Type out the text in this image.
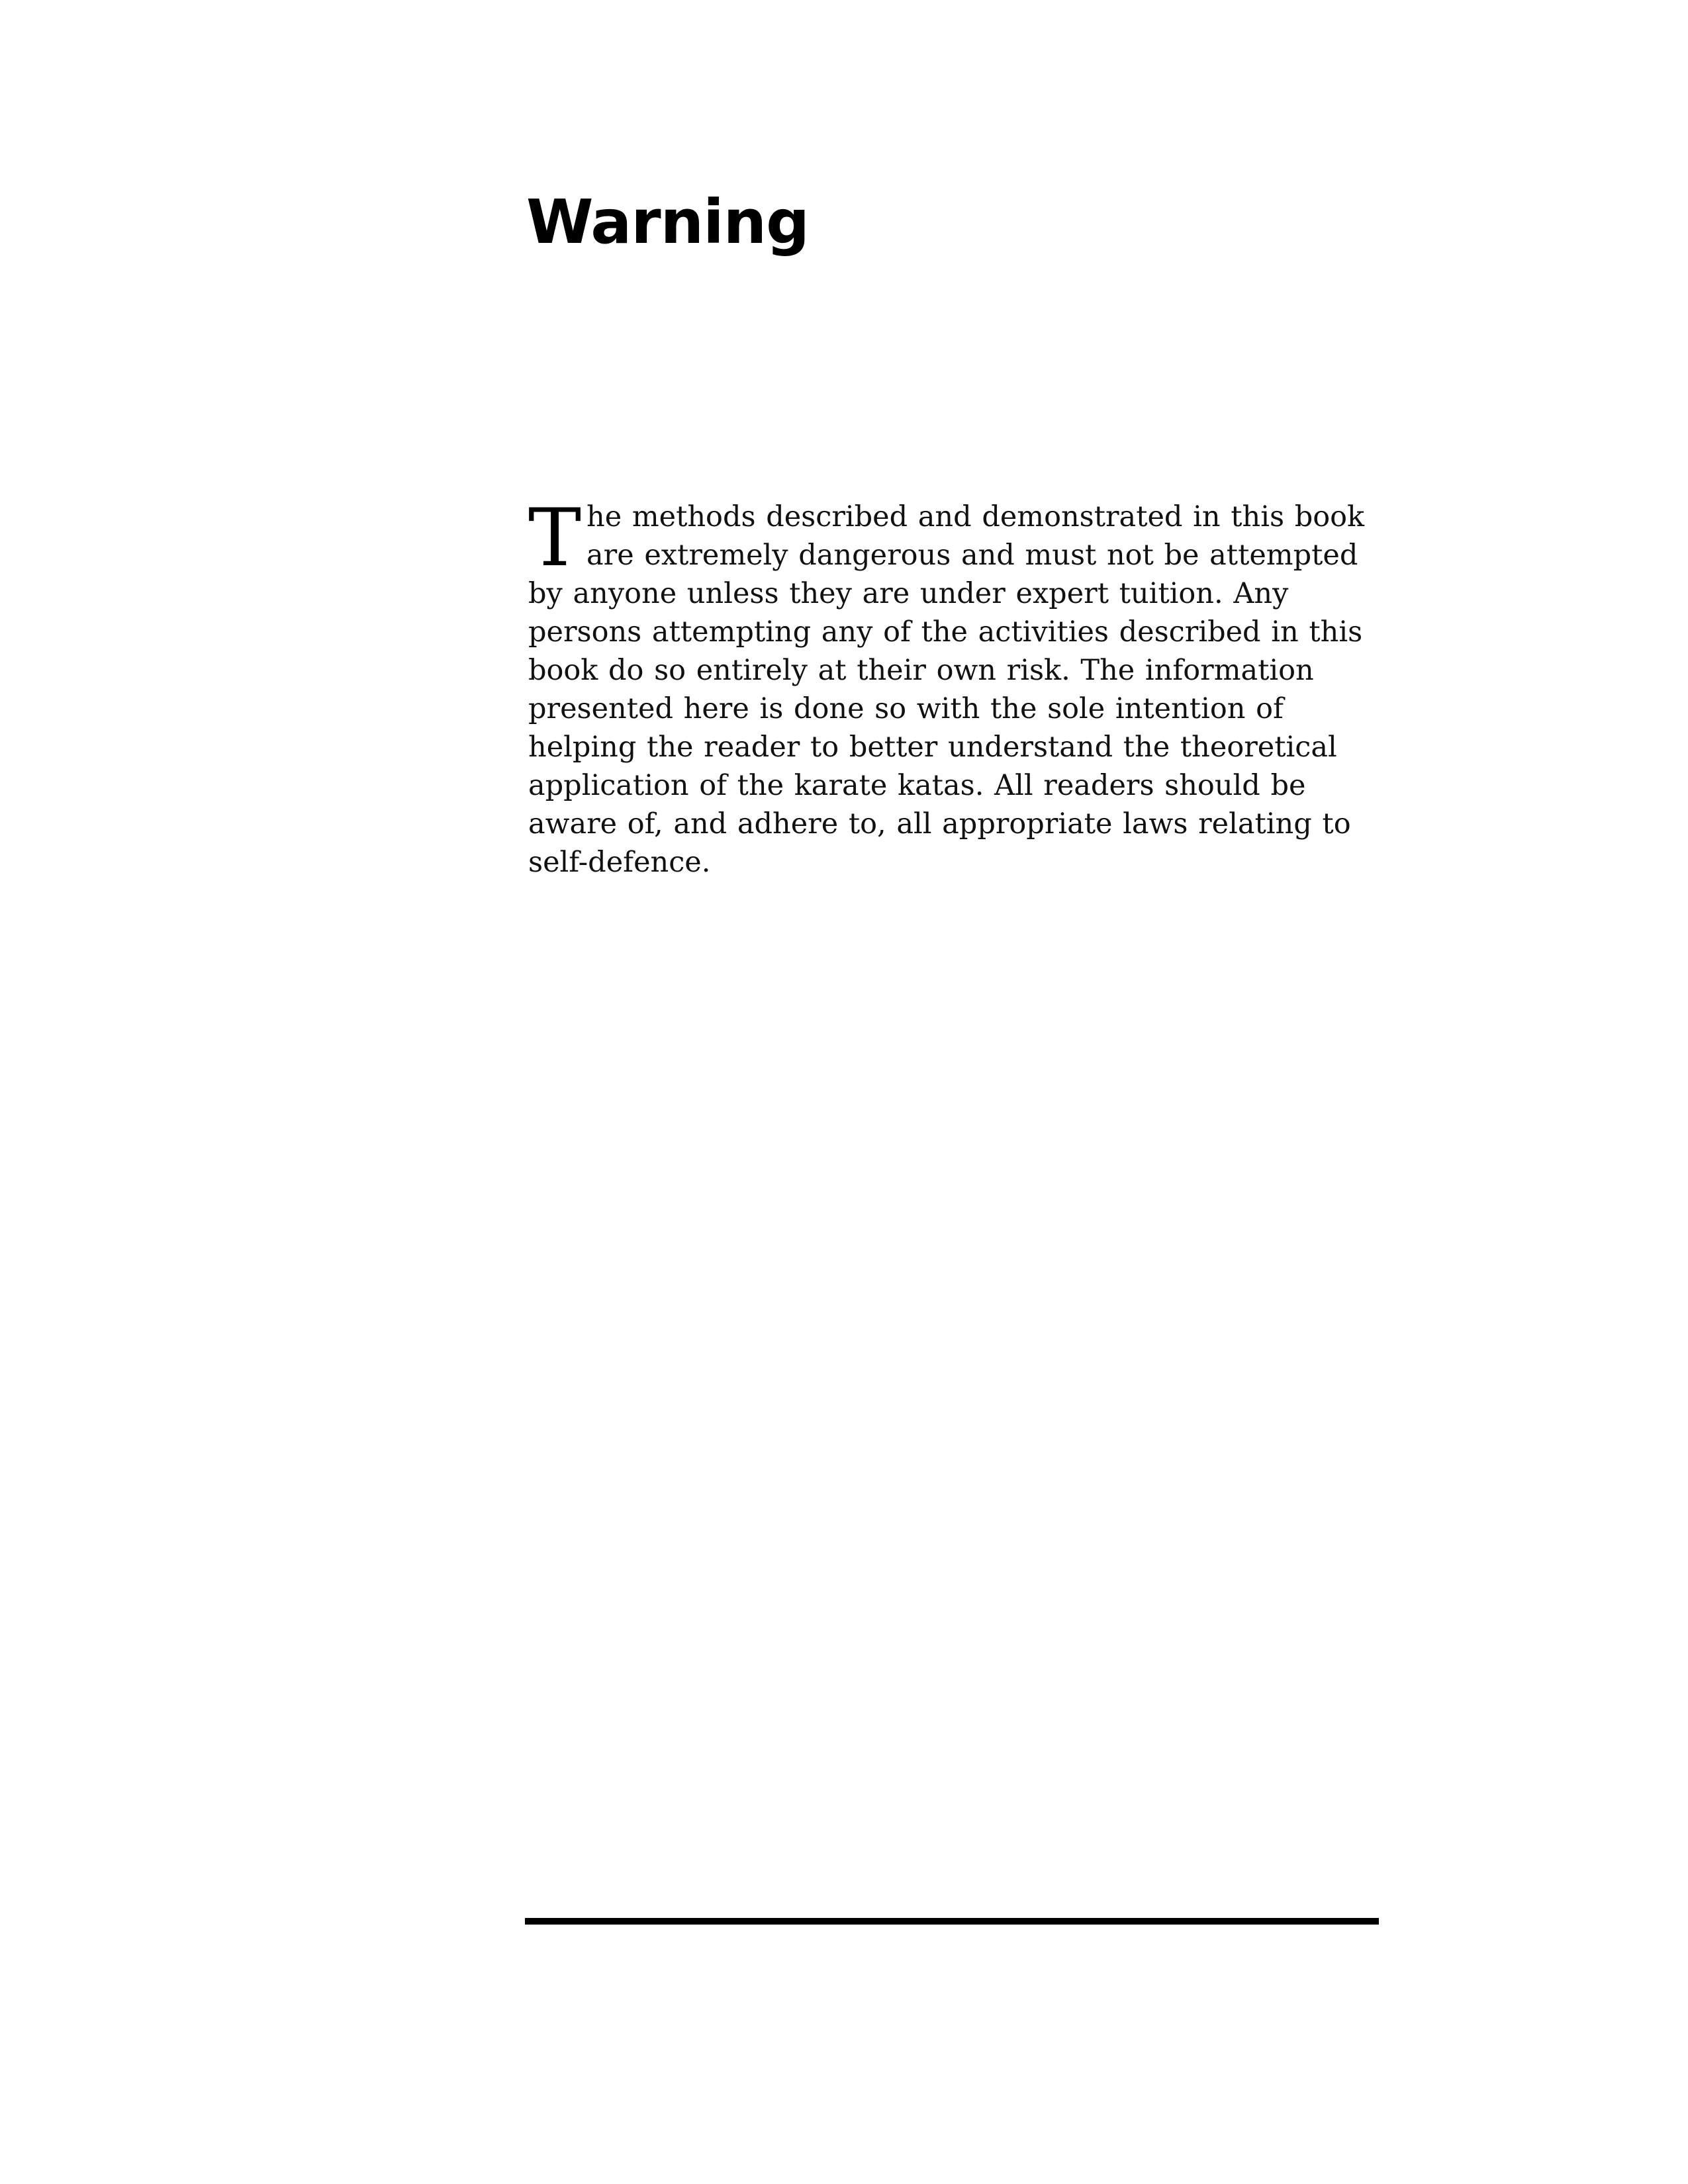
Warning

The methods described and demonstrated in this book are extremely dangerous and must not be attempted by anyone unless they are under expert tuition. Any persons attempting any of the activities described in this book do so entirely at their own risk. The information presented here is done so with the sole intention of helping the reader to better understand the theoretical application of the karate katas. All readers should be aware of, and adhere to, all appropriate laws relating to self-defence.
